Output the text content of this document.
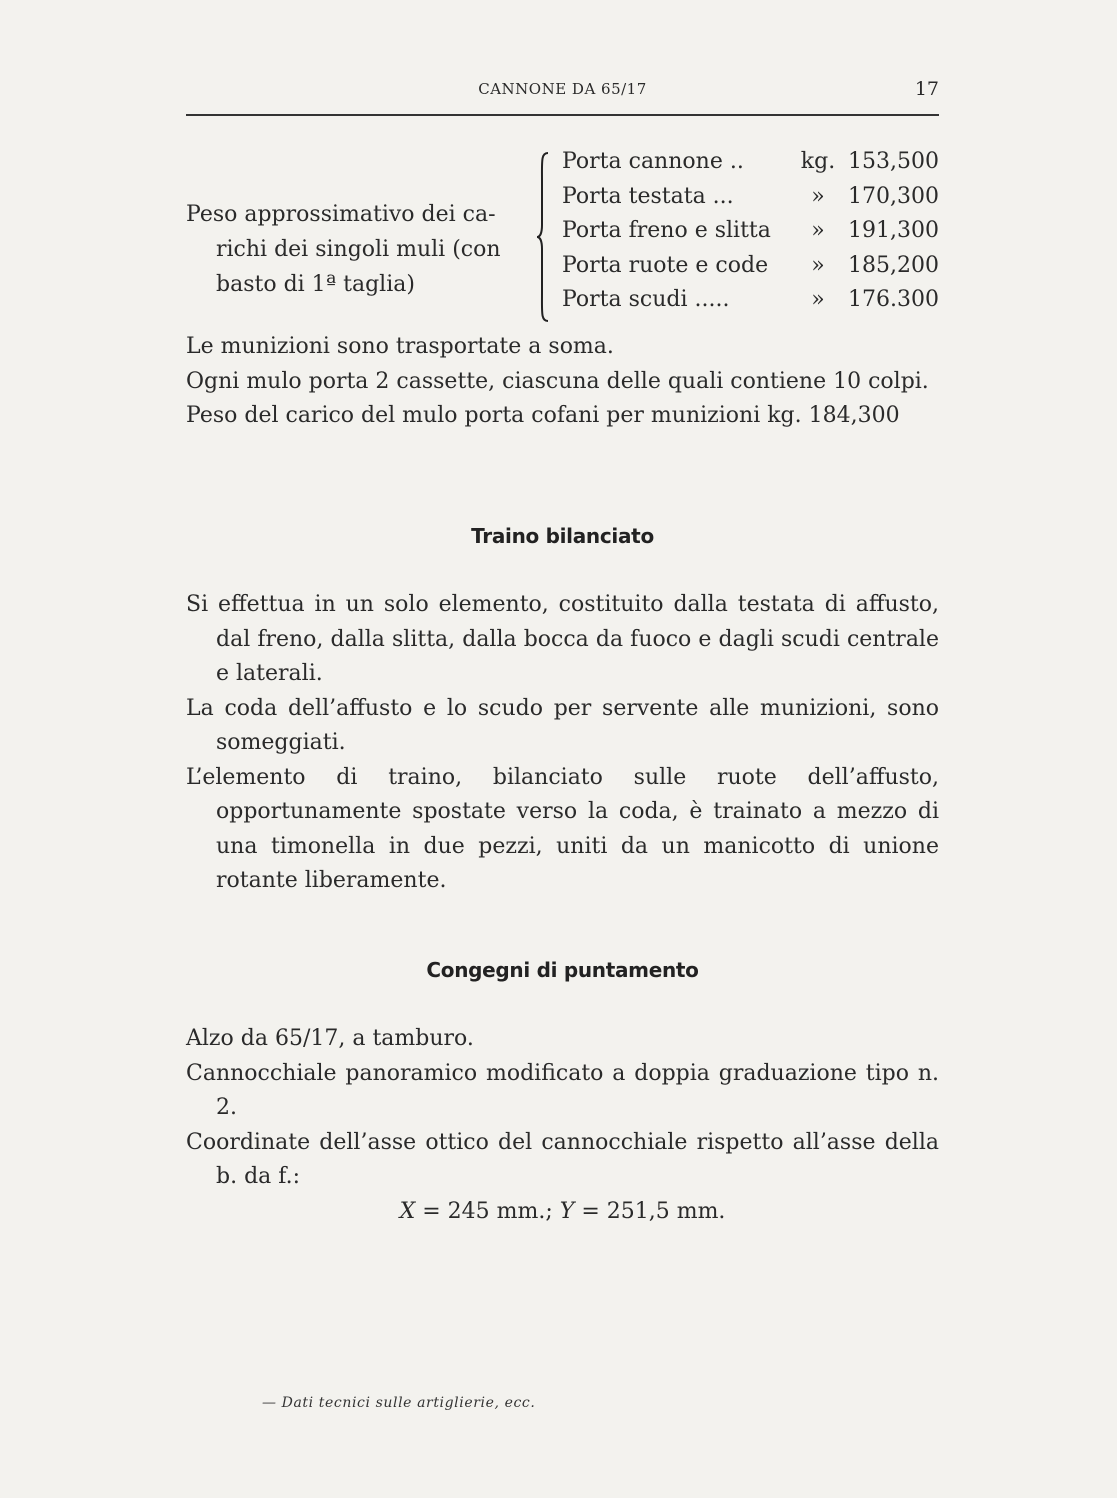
CANNONE DA 65/17	17
Peso approssimativo dei ca-
richi dei singoli muli (con
basto di 1ª taglia)
Porta cannone ..	kg. 153,500
Porta testata ...	»	170,300
Porta freno e slitta	»	191,300
Porta ruote e code	»	185,200
Porta scudi .....	»	176.300

Le munizioni sono trasportate a soma.

Ogni mulo porta 2 cassette, ciascuna delle quali contiene 10 colpi.

Peso del carico del mulo porta cofani per munizioni kg. 184,300

Traino bilanciato

Si effettua in un solo elemento, costituito dalla testata di affusto, dal freno, dalla slitta, dalla bocca da fuoco e dagli scudi centrale e laterali.

La coda dell’affusto e lo scudo per servente alle munizioni, sono someggiati.

L’elemento di traino, bilanciato sulle ruote dell’affusto, opportunamente spostate verso la coda, è trainato a mezzo di una timonella in due pezzi, uniti da un manicotto di unione rotante liberamente.

Congegni di puntamento

Alzo da 65/17, a tamburo.

Cannocchiale panoramico modificato a doppia graduazione tipo n. 2.

Coordinate dell’asse ottico del cannocchiale rispetto all’asse della b. da f.:

X = 245 mm.; Y = 251,5 mm.

— Dati tecnici sulle artiglierie, ecc.
